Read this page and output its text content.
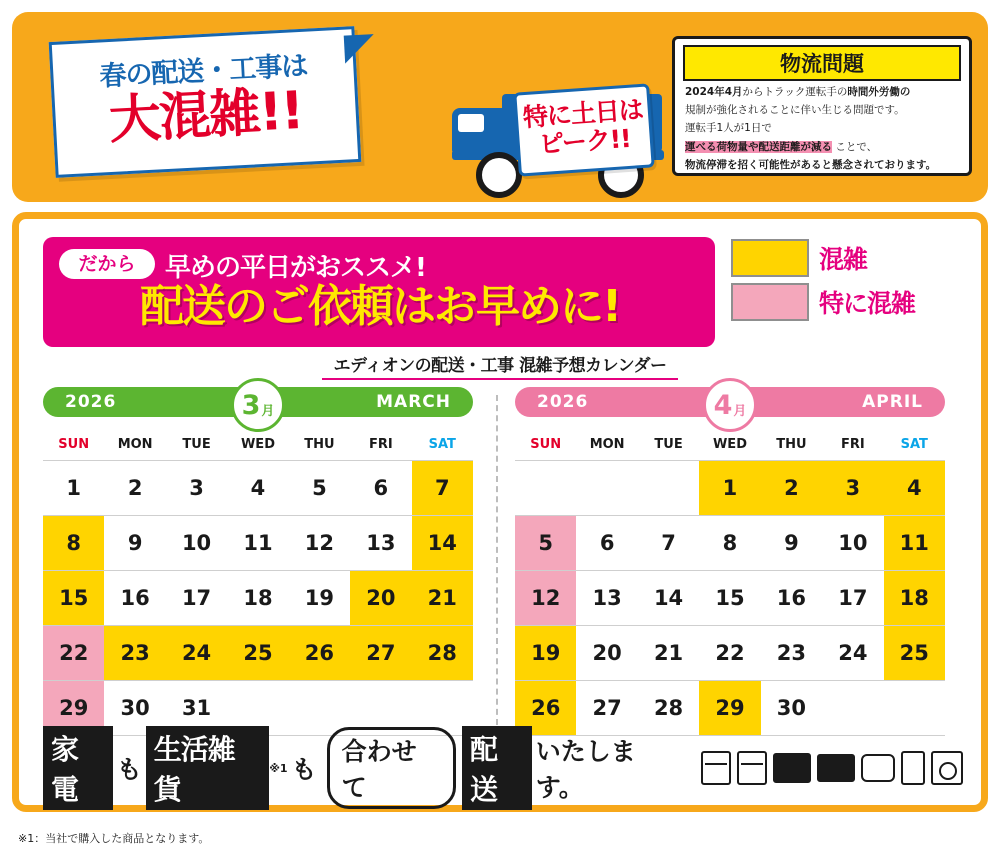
春の配送・工事は
大混雑!!	特に土日は
ピーク!!
物流問題

2024年4月からトラック運転手の時間外労働の

規制が強化されることに伴い生じる問題です。

運転手1人が1日で

運べる荷物量や配送距離が減る ことで、

物流停滞を招く可能性があると懸念されております。

だから	早めの平日がおススメ!
配送のご依頼はお早めに!
混雑
特に混雑
エディオンの配送・工事 混雑予想カレンダー
2026	3 月	MARCH
SUN	MON	TUE	WED	THU	FRI	SAT
1	2	3	4	5	6	7
8	9	10	11	12	13	14
15	16	17	18	19	20	21
22	23	24	25	26	27	28
29	30	31				
2026	4 月	APRIL
SUN	MON	TUE	WED	THU	FRI	SAT
			1	2	3	4
5	6	7	8	9	10	11
12	13	14	15	16	17	18
19	20	21	22	23	24	25
26	27	28	29	30		
家電
も
生活雑貨
※1 も
合わせて
配送
いたします。
※1：当社で購入した商品となります。
